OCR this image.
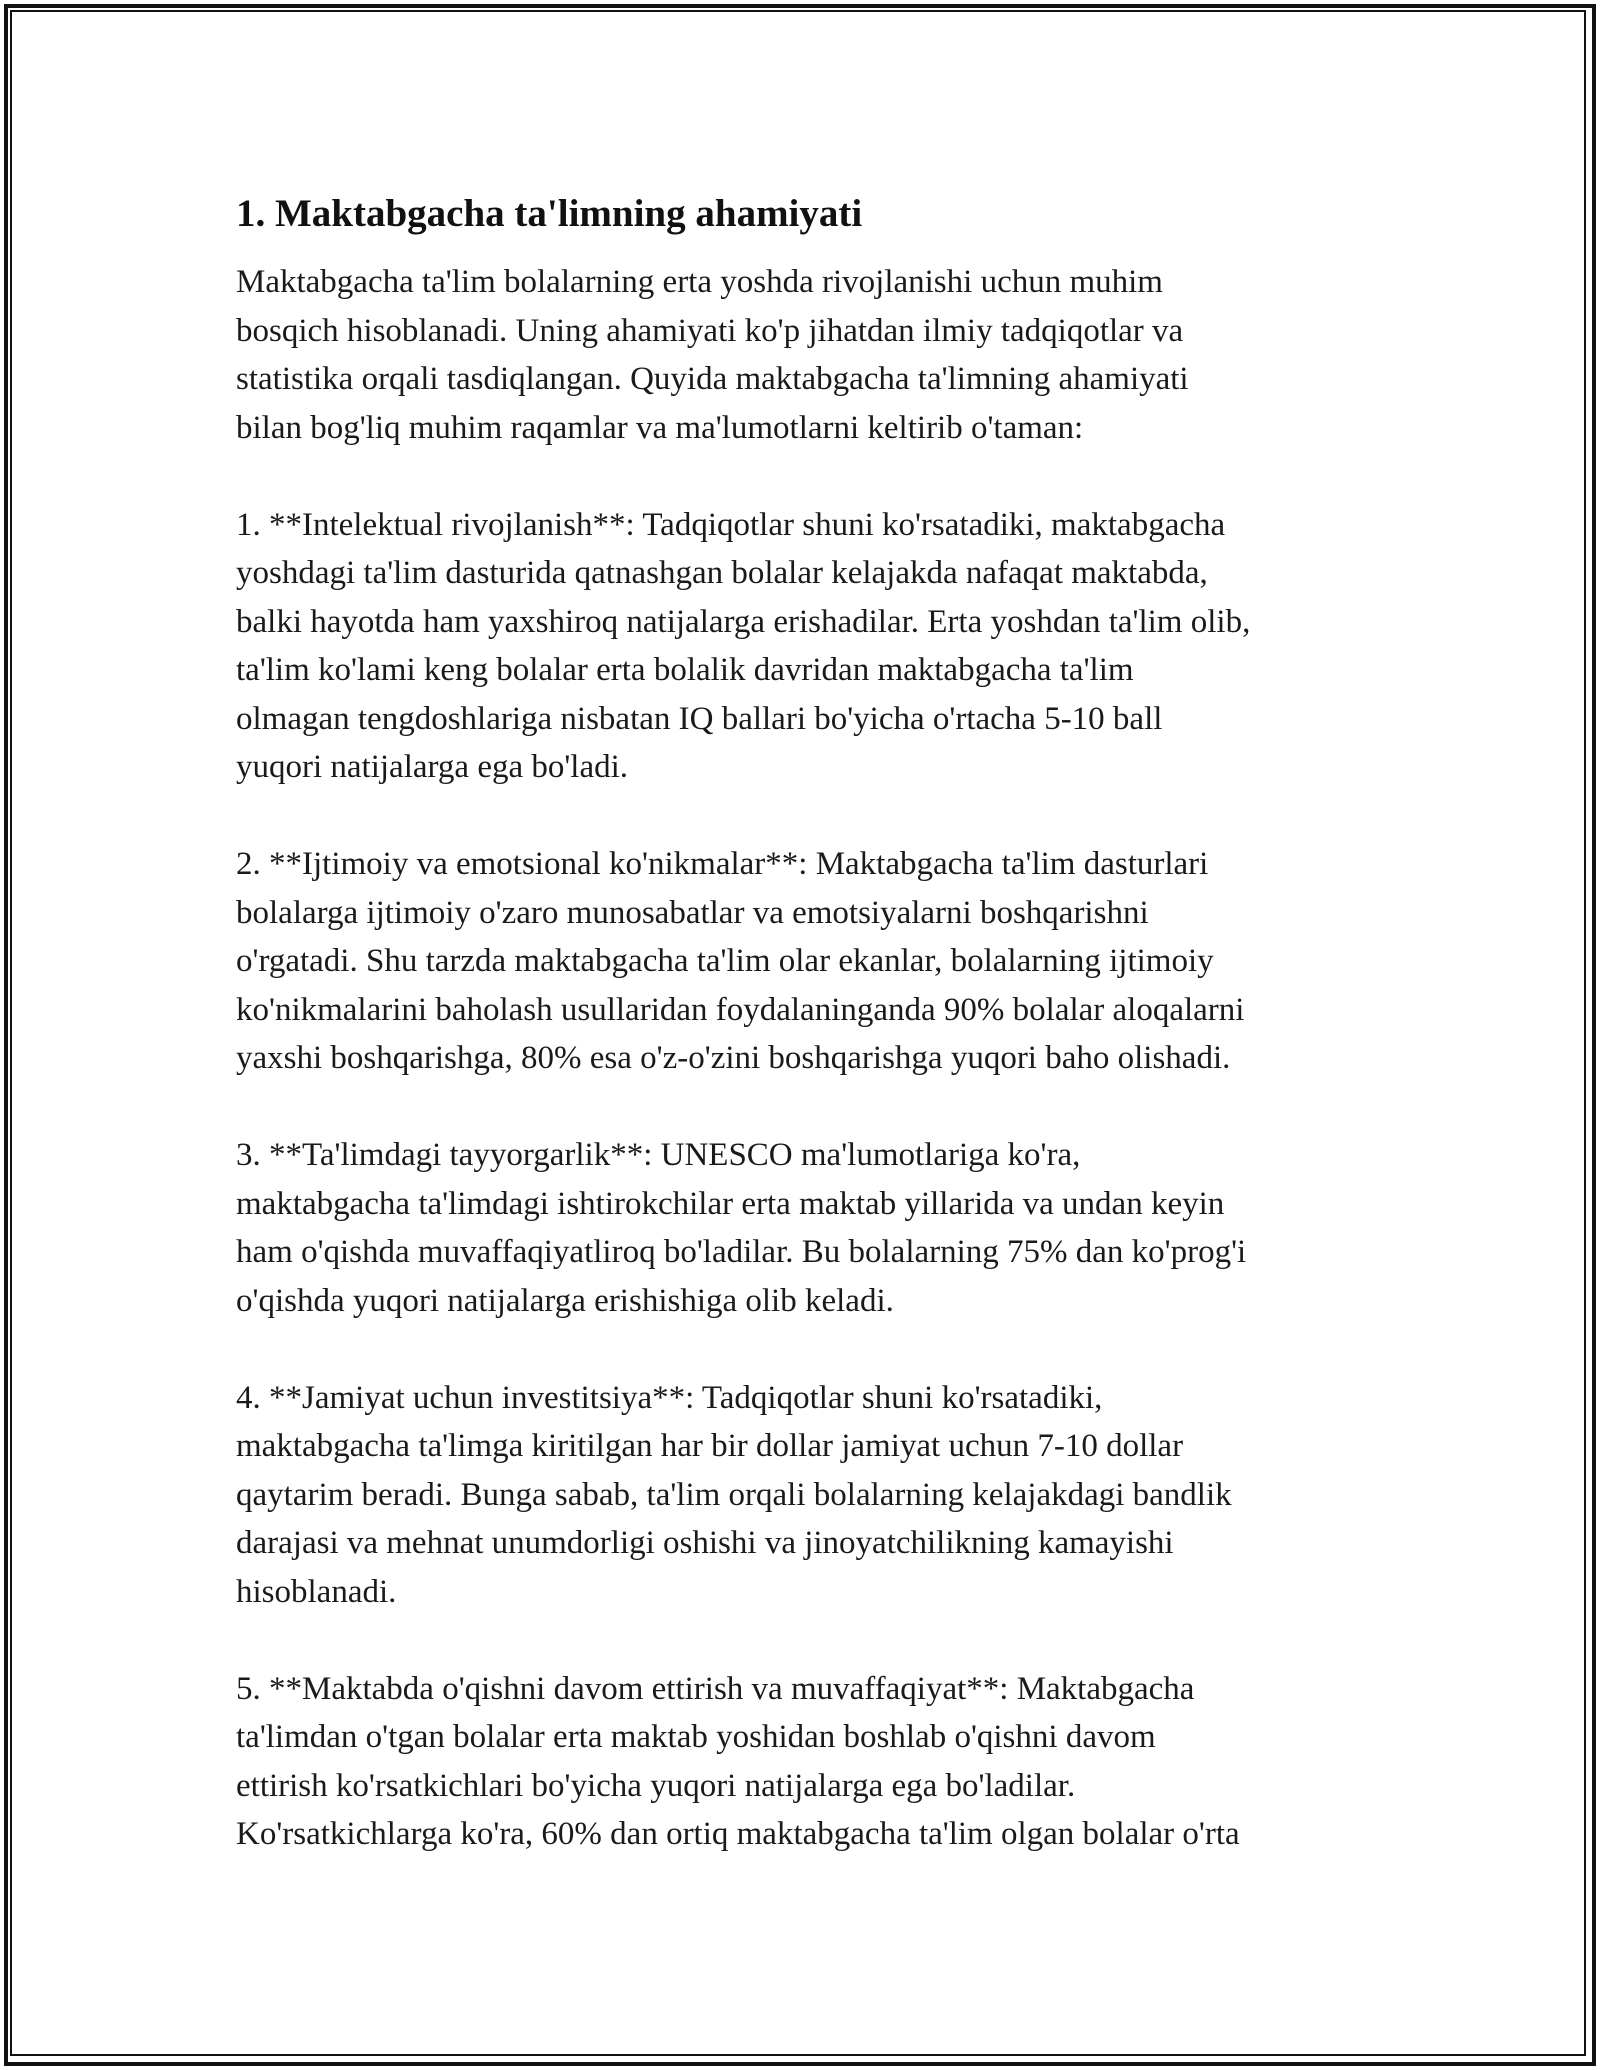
1. Maktabgacha ta'limning ahamiyati
Maktabgacha ta'lim bolalarning erta yoshda rivojlanishi uchun muhim
bosqich hisoblanadi. Uning ahamiyati ko'p jihatdan ilmiy tadqiqotlar va
statistika orqali tasdiqlangan. Quyida maktabgacha ta'limning ahamiyati
bilan bog'liq muhim raqamlar va ma'lumotlarni keltirib o'taman:
1. **Intelektual rivojlanish**: Tadqiqotlar shuni ko'rsatadiki, maktabgacha
yoshdagi ta'lim dasturida qatnashgan bolalar kelajakda nafaqat maktabda,
balki hayotda ham yaxshiroq natijalarga erishadilar. Erta yoshdan ta'lim olib,
ta'lim ko'lami keng bolalar erta bolalik davridan maktabgacha ta'lim
olmagan tengdoshlariga nisbatan IQ ballari bo'yicha o'rtacha 5-10 ball
yuqori natijalarga ega bo'ladi.
2. **Ijtimoiy va emotsional ko'nikmalar**: Maktabgacha ta'lim dasturlari
bolalarga ijtimoiy o'zaro munosabatlar va emotsiyalarni boshqarishni
o'rgatadi. Shu tarzda maktabgacha ta'lim olar ekanlar, bolalarning ijtimoiy
ko'nikmalarini baholash usullaridan foydalaninganda 90% bolalar aloqalarni
yaxshi boshqarishga, 80% esa o'z-o'zini boshqarishga yuqori baho olishadi.
3. **Ta'limdagi tayyorgarlik**: UNESCO ma'lumotlariga ko'ra,
maktabgacha ta'limdagi ishtirokchilar erta maktab yillarida va undan keyin
ham o'qishda muvaffaqiyatliroq bo'ladilar. Bu bolalarning 75% dan ko'prog'i
o'qishda yuqori natijalarga erishishiga olib keladi.
4. **Jamiyat uchun investitsiya**: Tadqiqotlar shuni ko'rsatadiki,
maktabgacha ta'limga kiritilgan har bir dollar jamiyat uchun 7-10 dollar
qaytarim beradi. Bunga sabab, ta'lim orqali bolalarning kelajakdagi bandlik
darajasi va mehnat unumdorligi oshishi va jinoyatchilikning kamayishi
hisoblanadi.
5. **Maktabda o'qishni davom ettirish va muvaffaqiyat**: Maktabgacha
ta'limdan o'tgan bolalar erta maktab yoshidan boshlab o'qishni davom
ettirish ko'rsatkichlari bo'yicha yuqori natijalarga ega bo'ladilar.
Ko'rsatkichlarga ko'ra, 60% dan ortiq maktabgacha ta'lim olgan bolalar o'rta
